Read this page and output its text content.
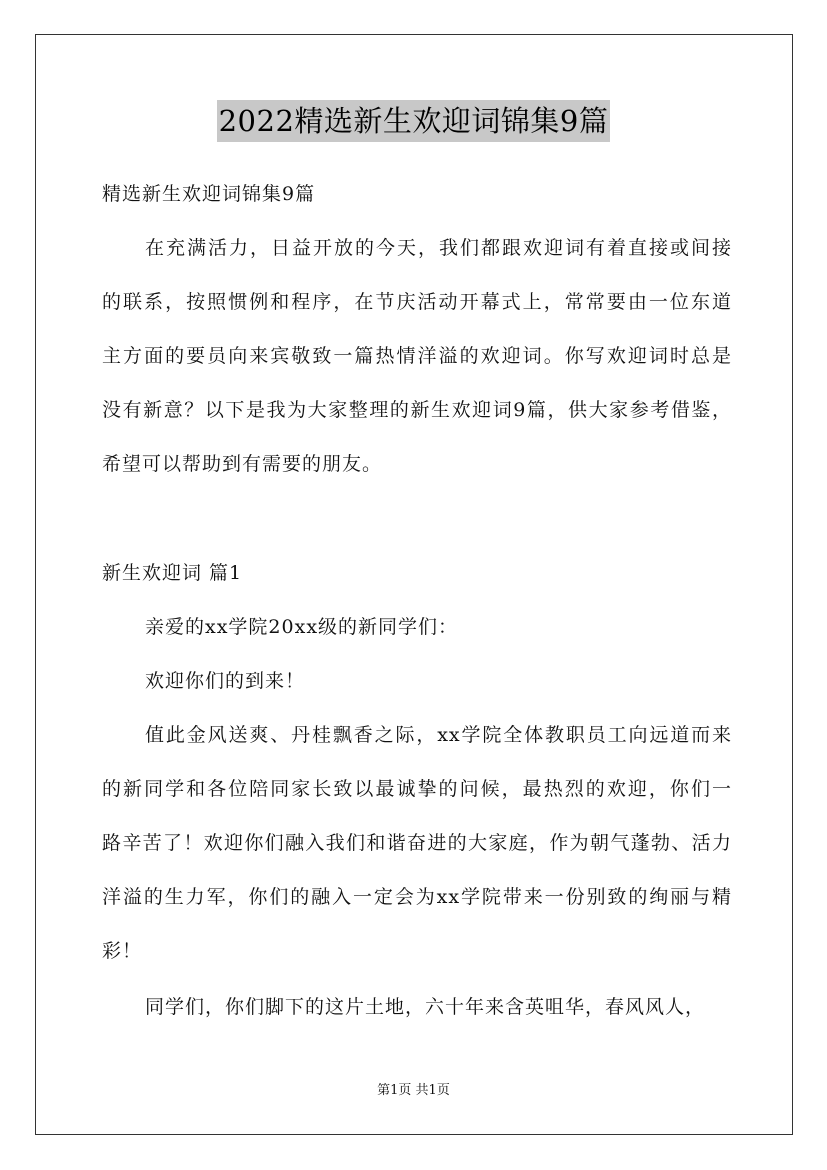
2022精选新生欢迎词锦集9篇
精选新生欢迎词锦集9篇
在充满活力，日益开放的今天，我们都跟欢迎词有着直接或间接
的联系，按照惯例和程序，在节庆活动开幕式上，常常要由一位东道
主方面的要员向来宾敬致一篇热情洋溢的欢迎词。你写欢迎词时总是
没有新意？以下是我为大家整理的新生欢迎词9篇，供大家参考借鉴，
希望可以帮助到有需要的朋友。
新生欢迎词 篇1
亲爱的xx学院20xx级的新同学们：
欢迎你们的到来！
值此金风送爽、丹桂飘香之际，xx学院全体教职员工向远道而来
的新同学和各位陪同家长致以最诚挚的问候，最热烈的欢迎，你们一
路辛苦了！欢迎你们融入我们和谐奋进的大家庭，作为朝气蓬勃、活力
洋溢的生力军，你们的融入一定会为xx学院带来一份别致的绚丽与精
彩！
同学们，你们脚下的这片土地，六十年来含英咀华，春风风人，
第1页 共1页
